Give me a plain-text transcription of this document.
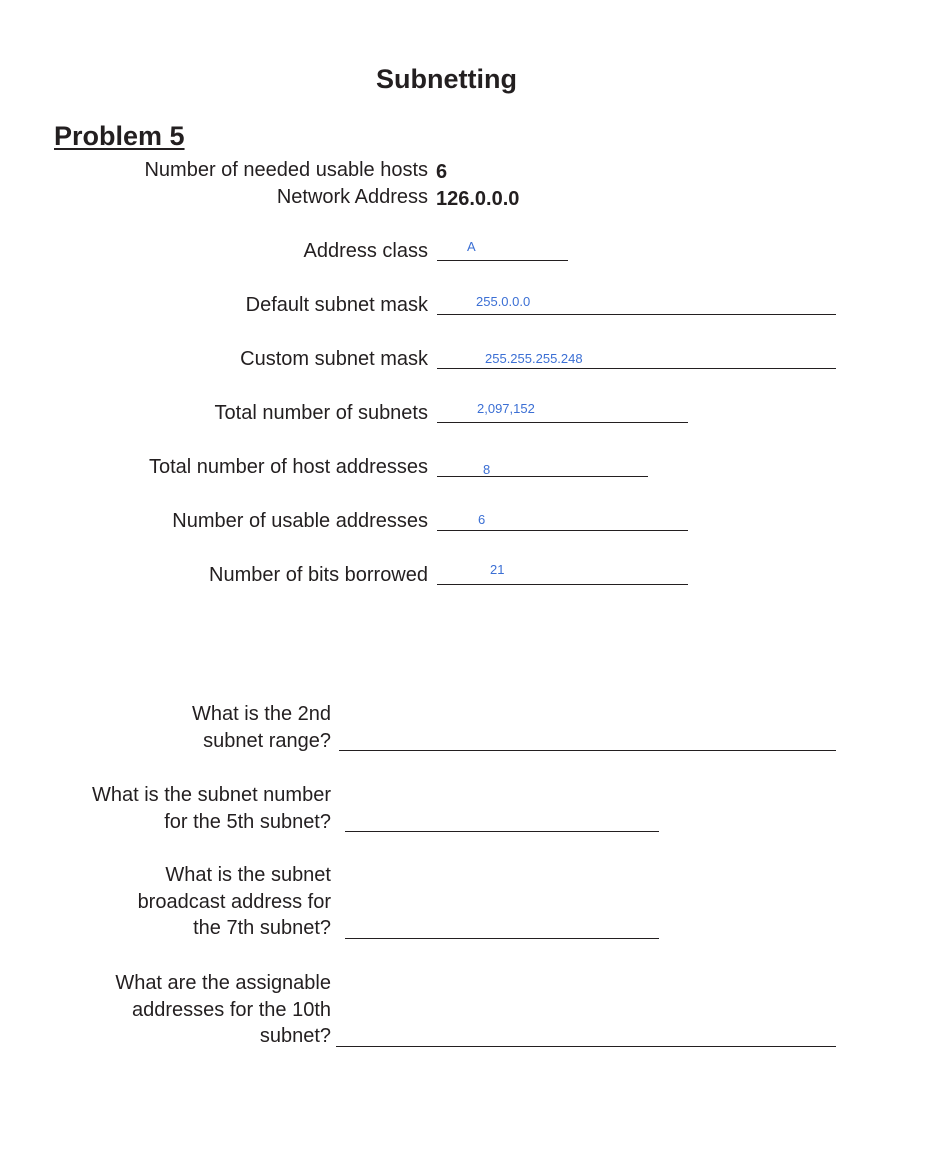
Subnetting
Problem 5
Number of needed usable hosts 6
Network Address 126.0.0.0
Address class	A
Default subnet mask	255.0.0.0
Custom subnet mask	255.255.255.248
Total number of subnets	2,097,152
Total number of host addresses	8
Number of usable addresses	6
Number of bits borrowed	21
What is the 2nd
subnet range?
What is the subnet number
for the 5th subnet?
What is the subnet
broadcast address for
the 7th subnet?
What are the assignable
addresses for the 10th
subnet?
